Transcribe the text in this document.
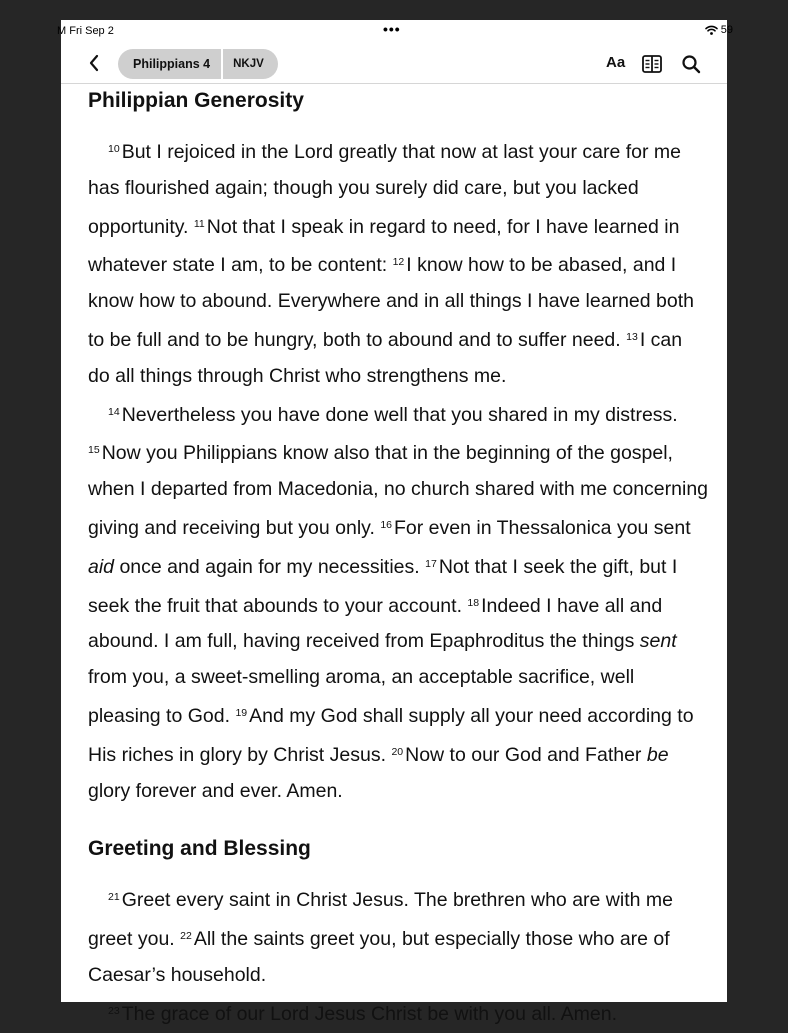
M Fri Sep 2	•••	59
Philippians 4	NKJV	Aa
Philippian Generosity

$^{10}$ But I rejoiced in the Lord greatly that now at last your care for me has flourished again; though you surely did care, but you lacked opportunity. $^{11}$ Not that I speak in regard to need, for I have learned in whatever state I am, to be content: $^{12}$ I know how to be abased, and I know how to abound. Everywhere and in all things I have learned both to be full and to be hungry, both to abound and to suffer need. $^{13}$ I can do all things through Christ who strengthens me.

$^{14}$ Nevertheless you have done well that you shared in my distress. $^{15}$ Now you Philippians know also that in the beginning of the gospel, when I departed from Macedonia, no church shared with me concerning giving and receiving but you only. $^{16}$ For even in Thessalonica you sent aid once and again for my necessities. $^{17}$ Not that I seek the gift, but I seek the fruit that abounds to your account. $^{18}$ Indeed I have all and abound. I am full, having received from Epaphroditus the things sent from you, a sweet-smelling aroma, an acceptable sacrifice, well pleasing to God. $^{19}$ And my God shall supply all your need according to His riches in glory by Christ Jesus. $^{20}$ Now to our God and Father be glory forever and ever. Amen.

Greeting and Blessing

$^{21}$ Greet every saint in Christ Jesus. The brethren who are with me greet you. $^{22}$ All the saints greet you, but especially those who are of Caesar’s household.

$^{23}$ The grace of our Lord Jesus Christ be with you all. Amen.
